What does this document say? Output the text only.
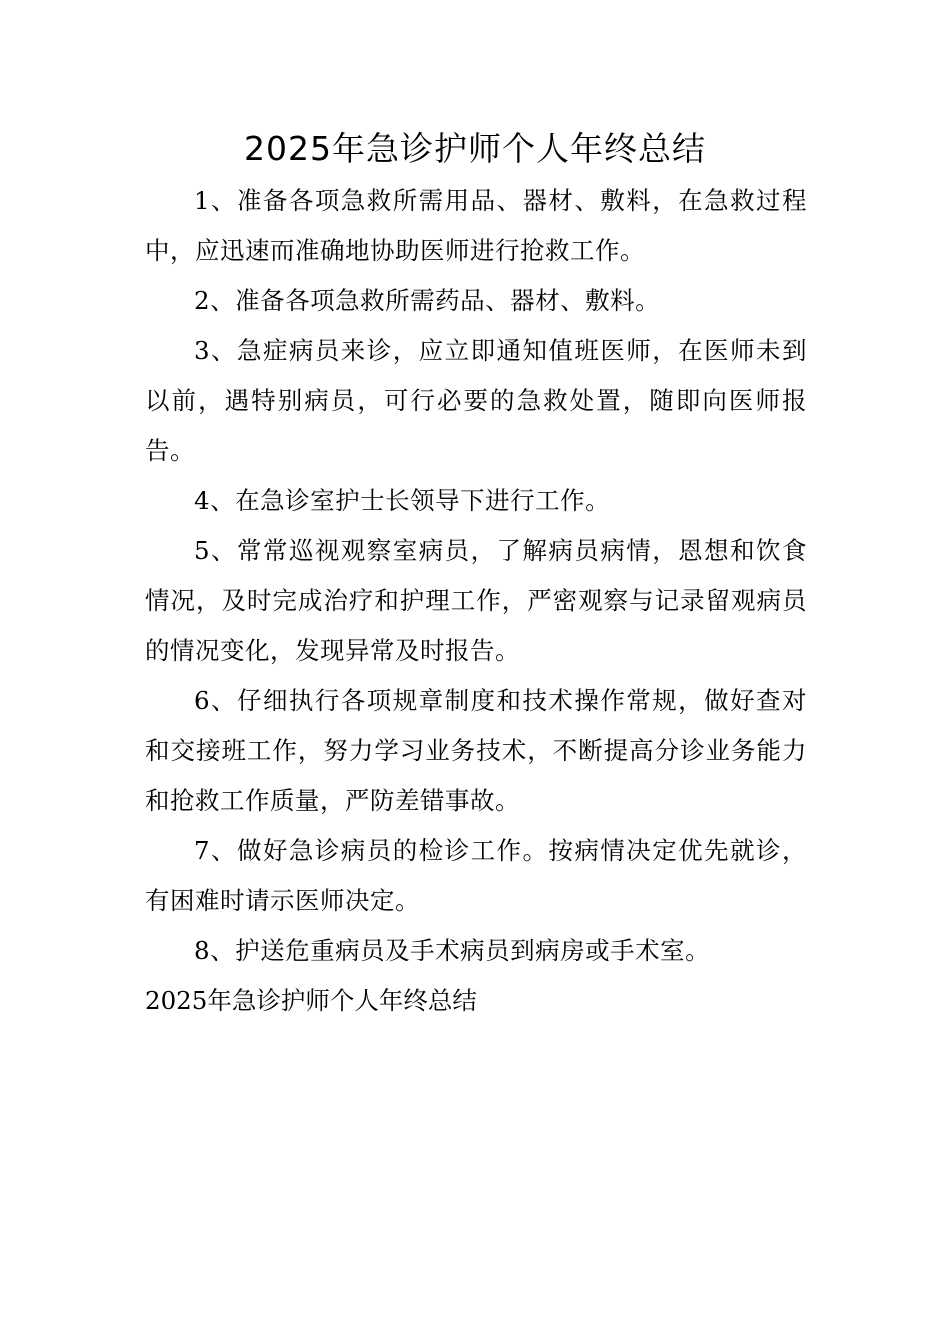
2025年急诊护师个人年终总结

1、准备各项急救所需用品、器材、敷料，在急救过程中，应迅速而准确地协助医师进行抢救工作。

2、准备各项急救所需药品、器材、敷料。

3、急症病员来诊，应立即通知值班医师，在医师未到以前，遇特别病员，可行必要的急救处置，随即向医师报告。

4、在急诊室护士长领导下进行工作。

5、常常巡视观察室病员，了解病员病情，恩想和饮食情况，及时完成治疗和护理工作，严密观察与记录留观病员的情况变化，发现异常及时报告。

6、仔细执行各项规章制度和技术操作常规，做好查对和交接班工作，努力学习业务技术，不断提高分诊业务能力和抢救工作质量，严防差错事故。

7、做好急诊病员的检诊工作。按病情决定优先就诊，有困难时请示医师决定。

8、护送危重病员及手术病员到病房或手术室。

2025年急诊护师个人年终总结
